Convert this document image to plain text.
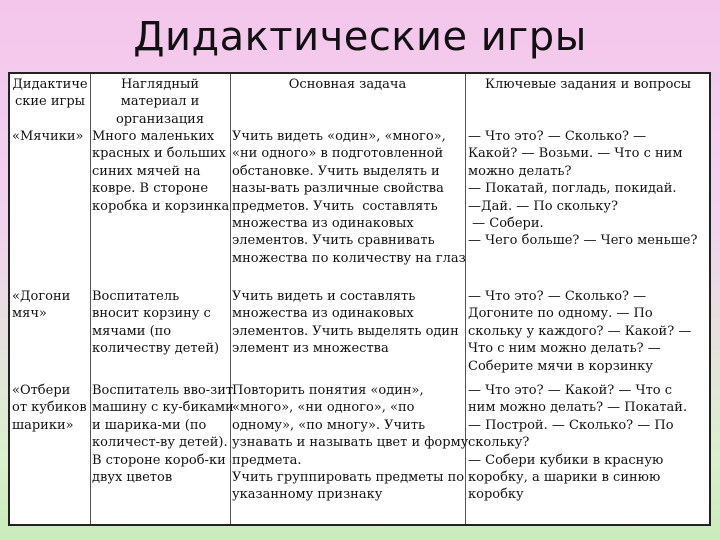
Дидактические игры
Дидактиче
ские игры
Наглядный
материал и
организация
Основная задача	Ключевые задания и вопросы
«Мячики» Много маленьких
красных и больших
синих мячей на
ковре. В стороне
коробка и корзинка
Учить видеть «один», «много»,
«ни одного» в подготовленной
обстановке. Учить выделять и
назы-вать различные свойства
предметов. Учить  составлять
множества из одинаковых
элементов. Учить сравнивать
множества по количеству на глаз
— Что это? — Сколько? —
Какой? — Возьми. — Что с ним
можно делать?
— Покатай, погладь, покидай.
—Дай. — По скольку?
— Собери.
— Чего больше? — Чего меньше?
«Догони
мяч»
Воспитатель
вносит корзину с
мячами (по
количеству детей)
Учить видеть и составлять
множества из одинаковых
элементов. Учить выделять один
элемент из множества
— Что это? — Сколько? —
Догоните по одному. — По
скольку у каждого? — Какой? —
Что с ним можно делать? —
Соберите мячи в корзинку
«Отбери
от кубиков
шарики»
Воспитатель вво-зит
машину с ку-биками
и шарика-ми (по
количест-ву детей).
В стороне короб-ки
двух цветов
Повторить понятия «один»,
«много», «ни одного», «по
одному», «по многу». Учить
узнавать и называть цвет и форму
предмета.
Учить группировать предметы по
указанному признаку
— Что это? — Какой? — Что с
ним можно делать? — Покатай.
— Построй. — Сколько? — По
скольку?
— Собери кубики в красную
коробку, а шарики в синюю
коробку
